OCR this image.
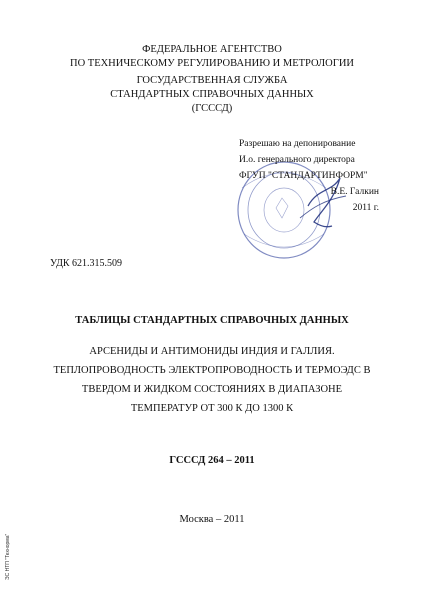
ФЕДЕРАЛЬНОЕ АГЕНТСТВО
ПО ТЕХНИЧЕСКОМУ РЕГУЛИРОВАНИЮ И МЕТРОЛОГИИ
ГОСУДАРСТВЕННАЯ СЛУЖБА
СТАНДАРТНЫХ СПРАВОЧНЫХ ДАННЫХ
(ГСССД)
Разрешаю на депонирование
И.о. генерального директора
ФГУП "СТАНДАРТИНФОРМ"
В.Е. Галкин
2011 г.
УДК 621.315.509
ТАБЛИЦЫ СТАНДАРТНЫХ СПРАВОЧНЫХ ДАННЫХ
АРСЕНИДЫ И АНТИМОНИДЫ ИНДИЯ И ГАЛЛИЯ.
ТЕПЛОПРОВОДНОСТЬ ЭЛЕКТРОПРОВОДНОСТЬ И ТЕРМОЭДС В
ТВЕРДОМ И ЖИДКОМ СОСТОЯНИЯХ В ДИАПАЗОНЕ
ТЕМПЕРАТУР ОТ 300 К ДО 1300 К
ГСССД 264 – 2011
Москва – 2011
ЭС НТП "Технорма"
